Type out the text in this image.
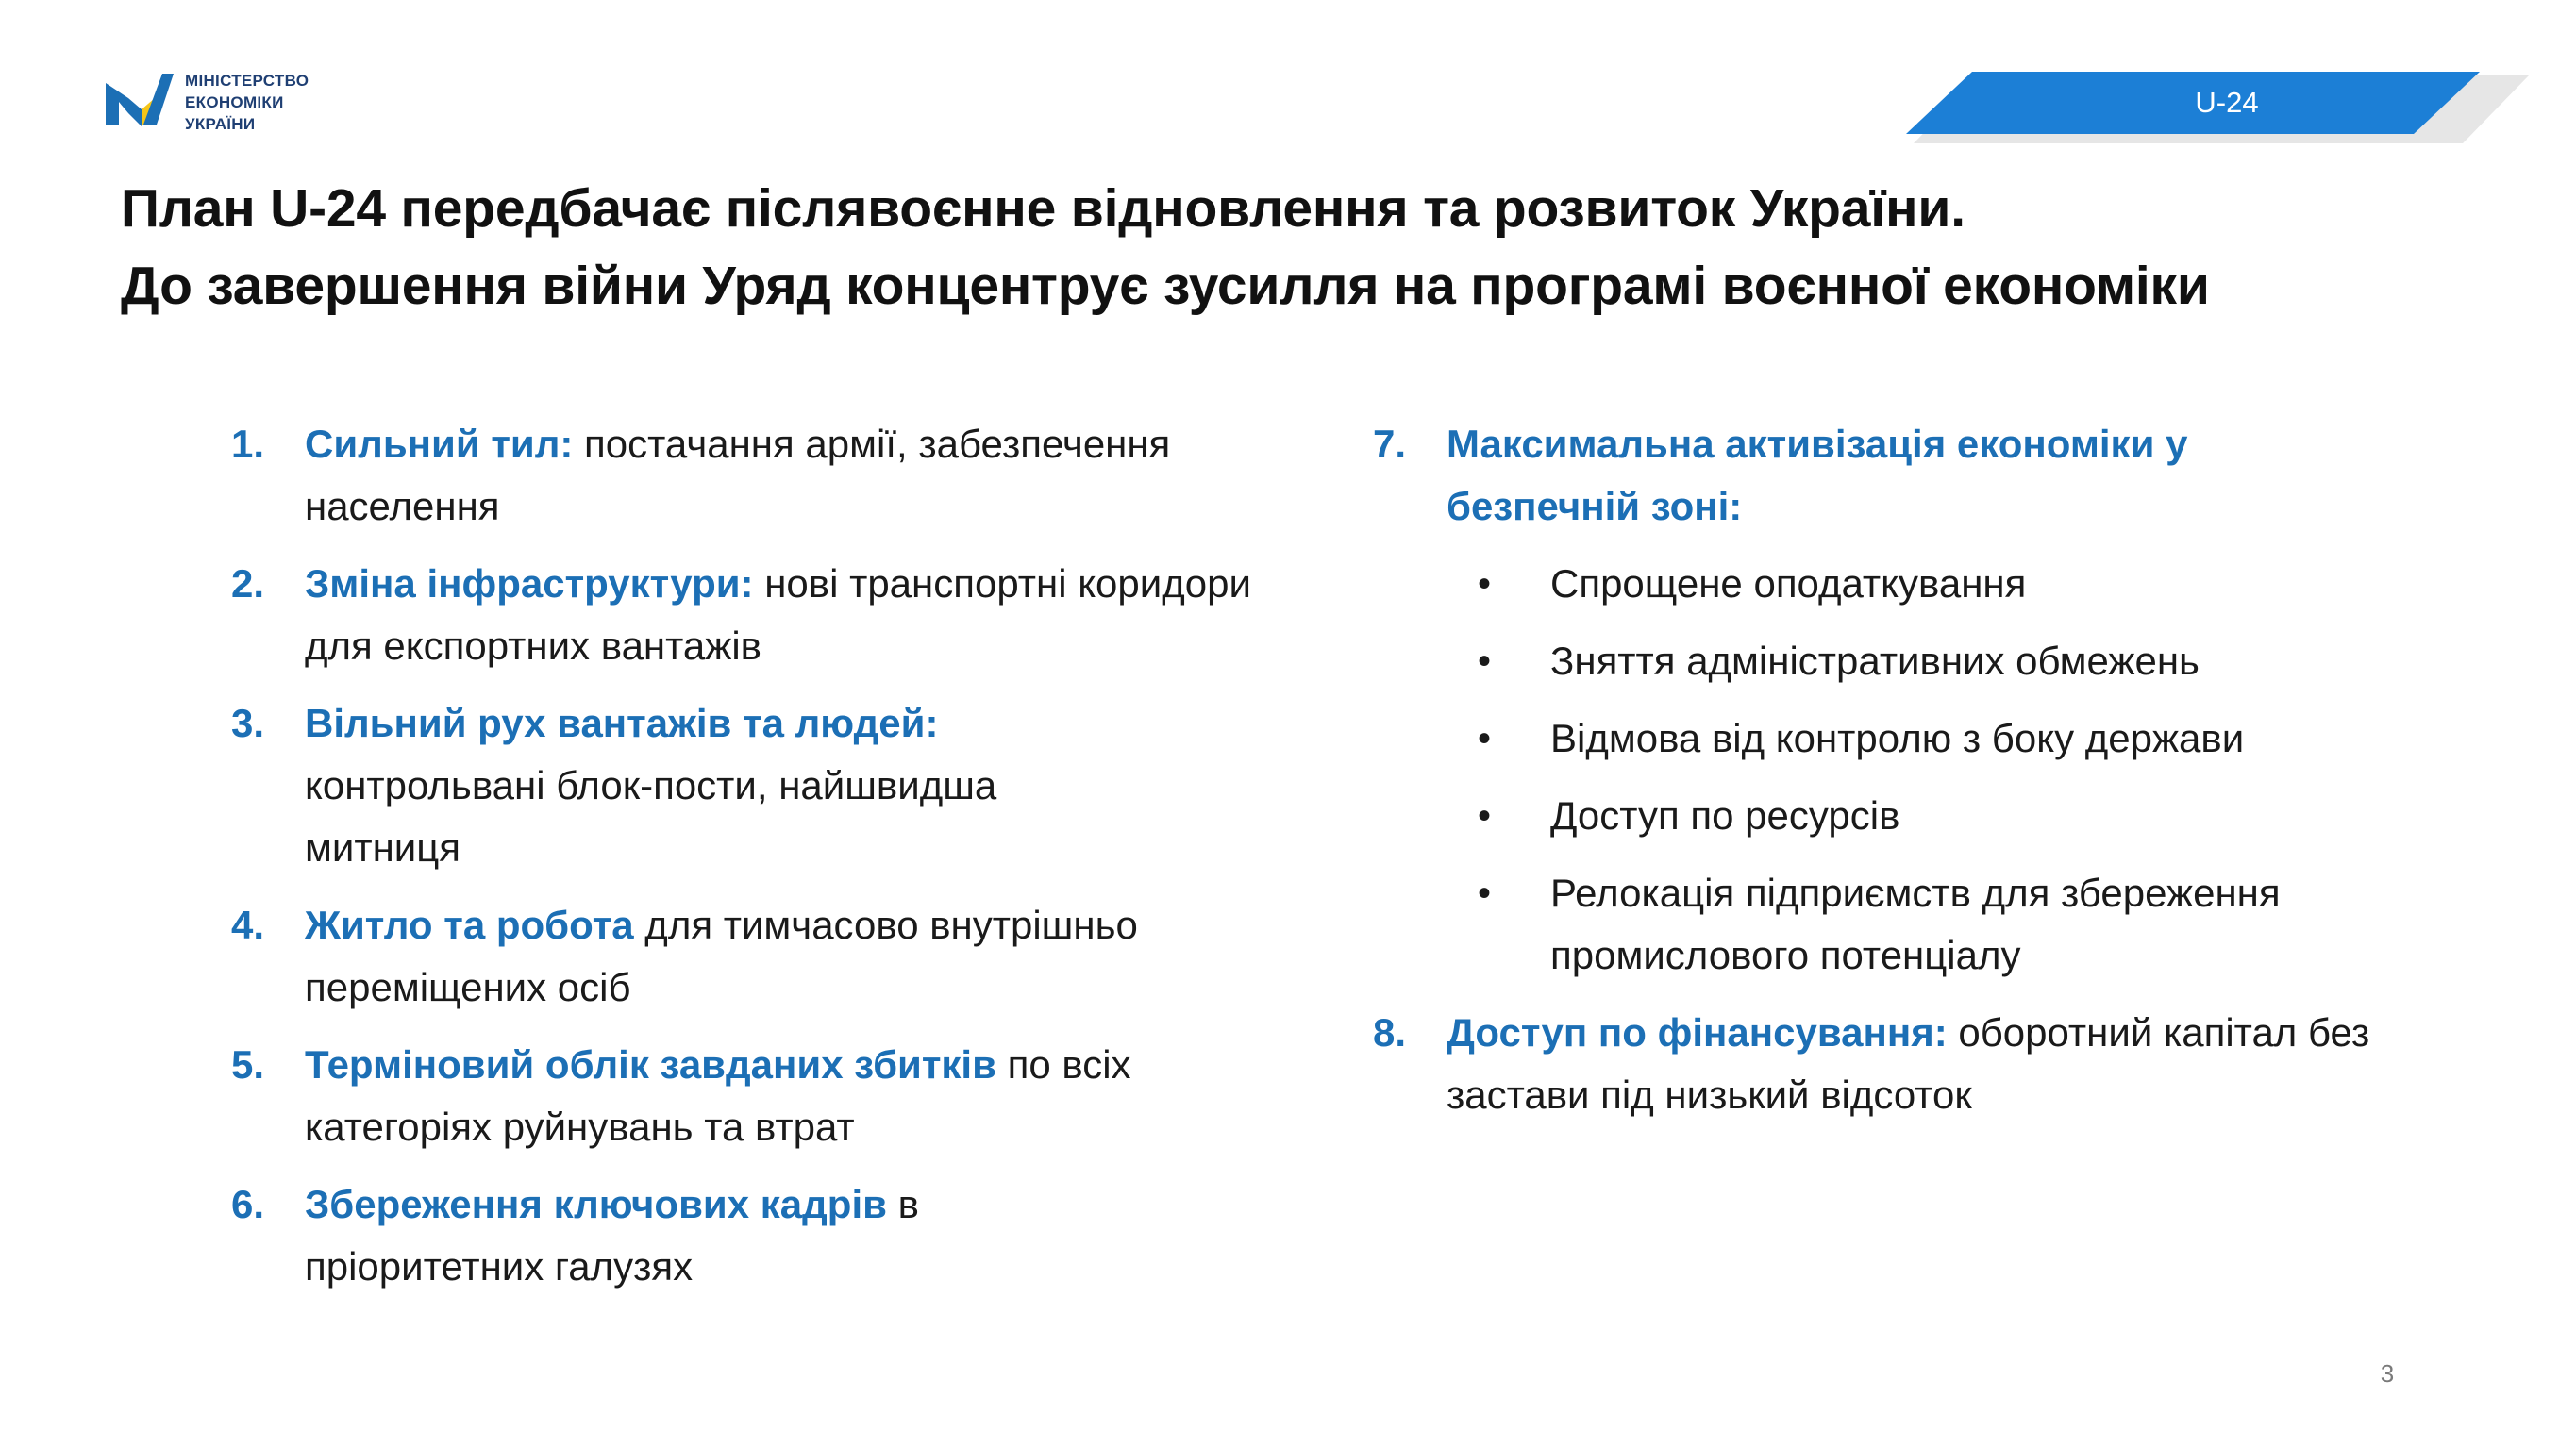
МІНІСТЕРСТВО
ЕКОНОМІКИ
УКРАЇНИ
U-24
План U-24 передбачає післявоєнне відновлення та розвиток України.
До завершення війни Уряд концентрує зусилля на програмі воєнної економіки
1. Сильний тил: постачання армії, забезпечення населення
2. Зміна інфраструктури: нові транспортні коридори для експортних вантажів
3. Вільний рух вантажів та людей: контрольвані блок-пости, найшвидша митниця
4. Житло та робота для тимчасово внутрішньо переміщених осіб
5. Терміновий облік завданих збитків по всіх категоріях руйнувань та втрат
6. Збереження ключових кадрів в пріоритетних галузях
7. Максимальна активізація економіки у безпечній зоні:
• Спрощене оподаткування
• Зняття адміністративних обмежень
• Відмова від контролю з боку держави
• Доступ по ресурсів
• Релокація підприємств для збереження промислового потенціалу
8. Доступ по фінансування: оборотний капітал без застави під низький відсоток
3
